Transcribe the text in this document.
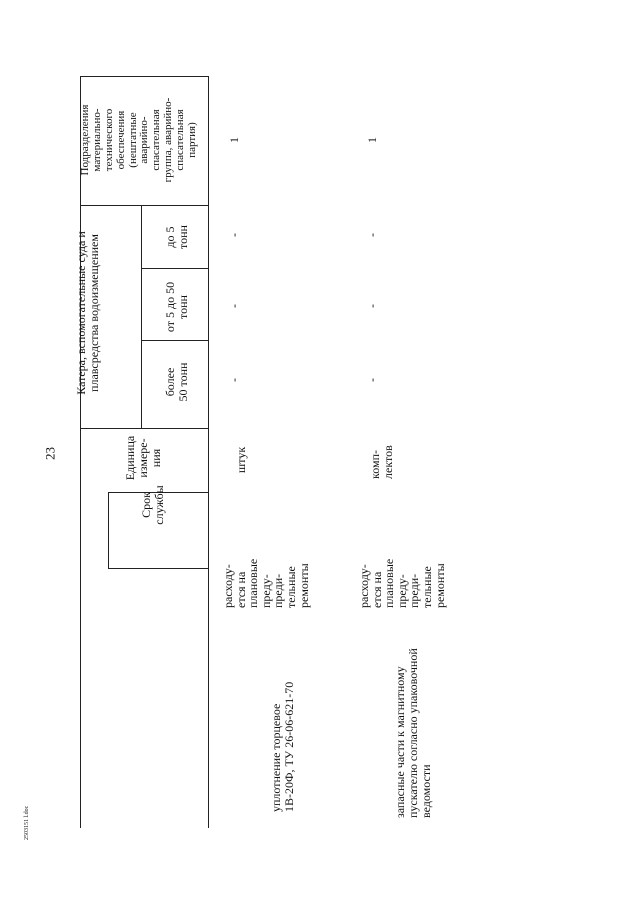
23
Срок
службы
Единица
измере-
ния
Катера, вспомогательные суда и
плавсредства водоизмещением
более
50 тонн
от 5 до 50
тонн
до 5
тонн
Подразделения
материально-
технического
обеспечения
(нештатные
аварийно-
спасательная
группа, аварийно-
спасательная
партия)
уплотнение торцевое
1В-20Ф, ТУ 26-06-621-70
расходу-
ется на
плановые
преду-
преди-
тельные
ремонты
штук
-
-
-
1
запасные части к магнитному
пускателю согласно упаковочной
ведомости
расходу-
ется на
плановые
преду-
преди-
тельные
ремонты
комп-
лектов
-
-
-
1
2503151 l.doc
